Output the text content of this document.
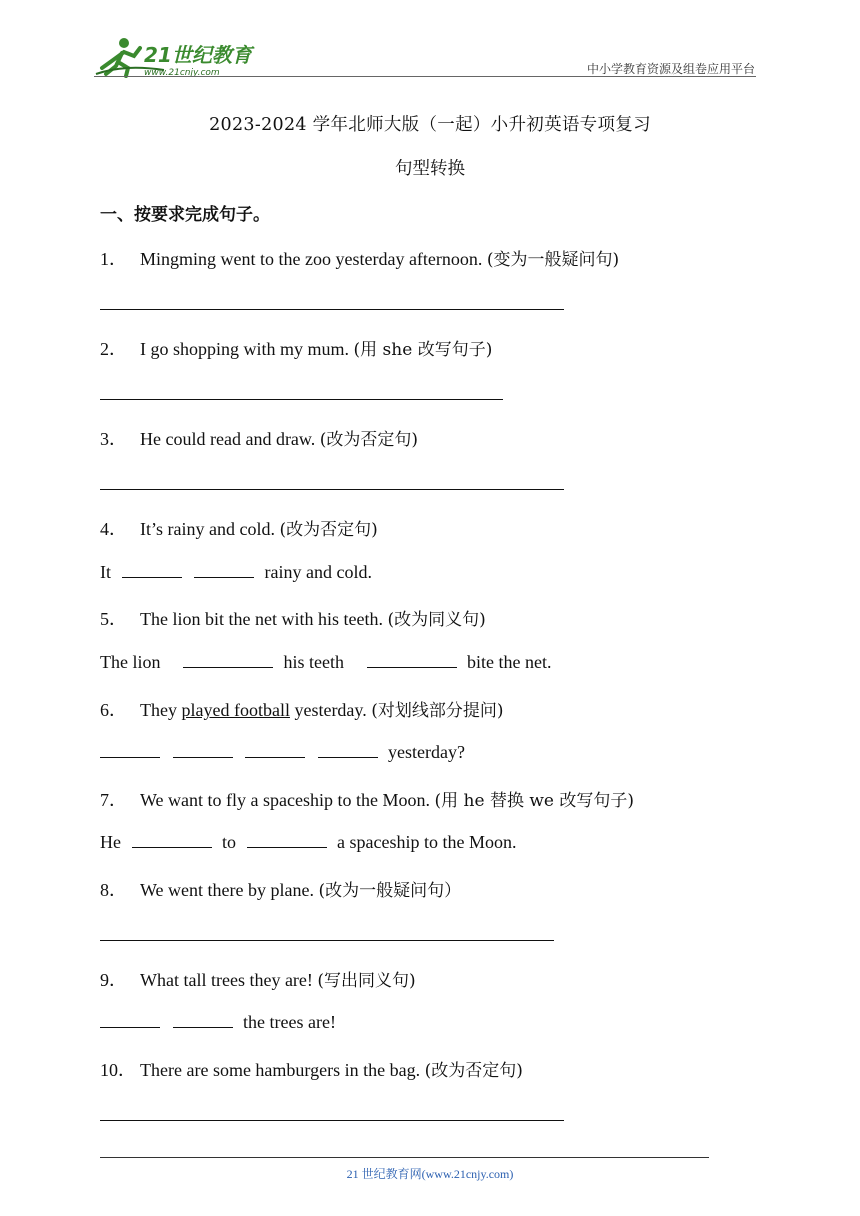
21世纪教育
www.21cnjy.com	中小学教育资源及组卷应用平台
2023-2024 学年北师大版（一起）小升初英语专项复习
句型转换
一、按要求完成句子。
1． Mingming went to the zoo yesterday afternoon. (变为一般疑问句)
2． I go shopping with my mum. (用 she 改写句子)
3． He could read and draw. (改为否定句)
4． It’s rainy and cold. (改为否定句)
It	rainy and cold.
5． The lion bit the net with his teeth. (改为同义句)
The lion	his teeth	bite the net.
6． They played football yesterday. (对划线部分提问)
yesterday?
7． We want to fly a spaceship to the Moon. (用 he 替换 we 改写句子)
He	to	a spaceship to the Moon.
8． We went there by plane. (改为一般疑问句）
9． What tall trees they are! (写出同义句)
the trees are!
10． There are some hamburgers in the bag. (改为否定句)
21 世纪教育网(www.21cnjy.com)
